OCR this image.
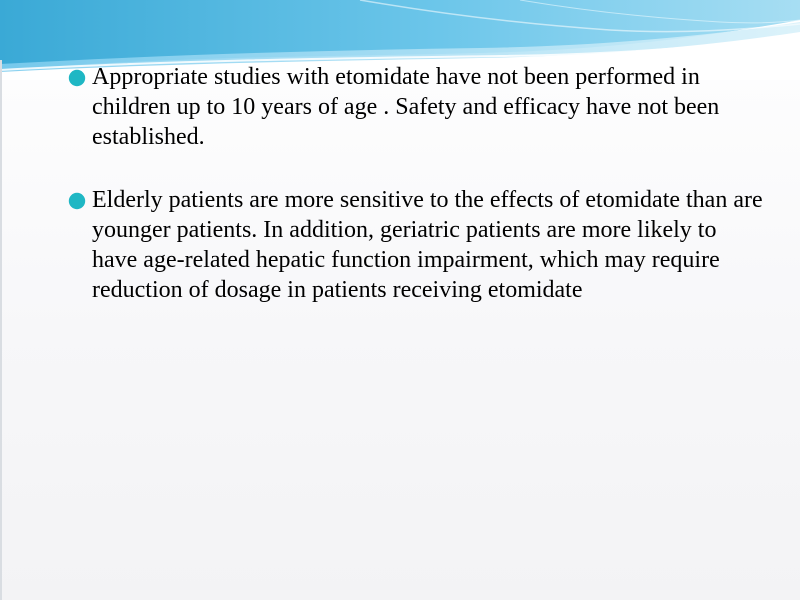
Appropriate studies with etomidate have not been performed in children up to 10 years of age . Safety and efficacy have not been established.
Elderly patients are more sensitive to the effects of etomidate than are younger patients. In addition, geriatric patients are more likely to have age-related hepatic function impairment, which may require reduction of dosage in patients receiving etomidate
